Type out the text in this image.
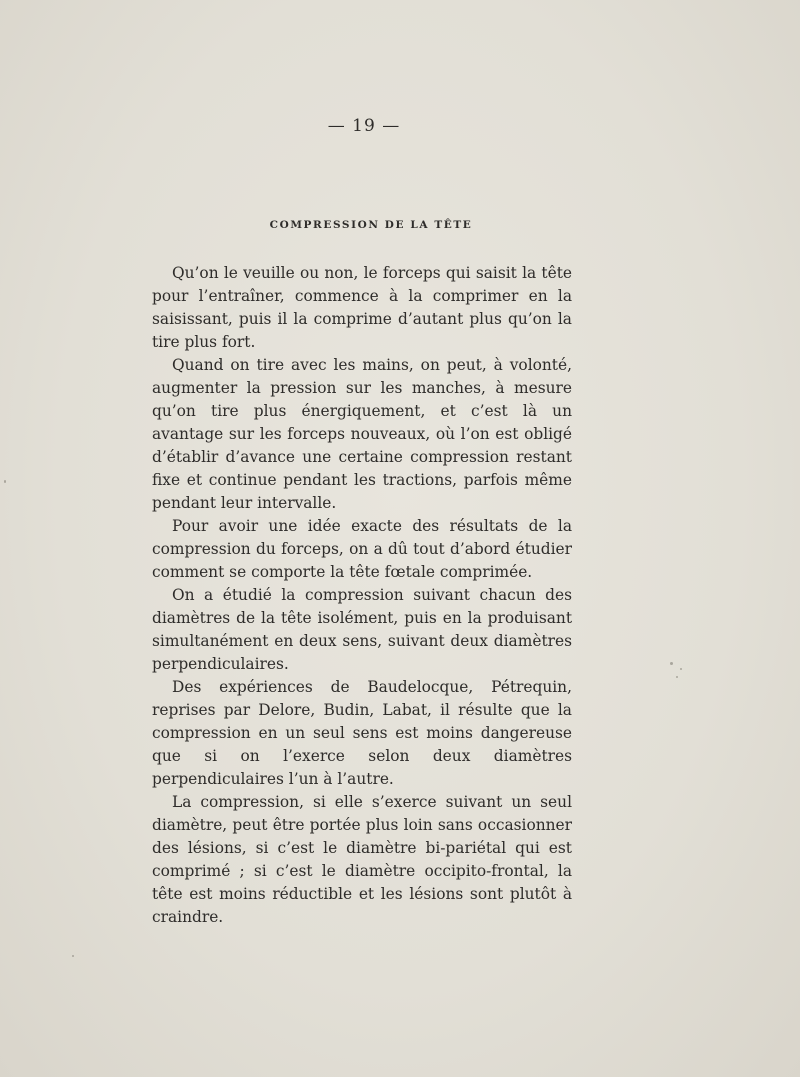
— 19 —
COMPRESSION DE LA TÊTE

Qu’on le veuille ou non, le forceps qui saisit la tête pour l’entraîner, commence à la comprimer en la saisissant, puis il la comprime d’autant plus qu’on la tire plus fort.

Quand on tire avec les mains, on peut, à volonté, augmenter la pression sur les manches, à mesure qu’on tire plus énergiquement, et c’est là un avantage sur les forceps nouveaux, où l’on est obligé d’établir d’avance une certaine compression restant fixe et continue pendant les tractions, parfois même pendant leur intervalle.

Pour avoir une idée exacte des résultats de la compression du forceps, on a dû tout d’abord étudier comment se comporte la tête fœtale comprimée.

On a étudié la compression suivant chacun des diamètres de la tête isolément, puis en la produisant simultanément en deux sens, suivant deux diamètres perpendiculaires.

Des expériences de Baudelocque, Pétrequin, reprises par Delore, Budin, Labat, il résulte que la compression en un seul sens est moins dangereuse que si on l’exerce selon deux diamètres perpendiculaires l’un à l’autre.

La compression, si elle s’exerce suivant un seul diamètre, peut être portée plus loin sans occasionner des lésions, si c’est le diamètre bi-pariétal qui est comprimé ; si c’est le diamètre occipito-frontal, la tête est moins réductible et les lésions sont plutôt à craindre.
